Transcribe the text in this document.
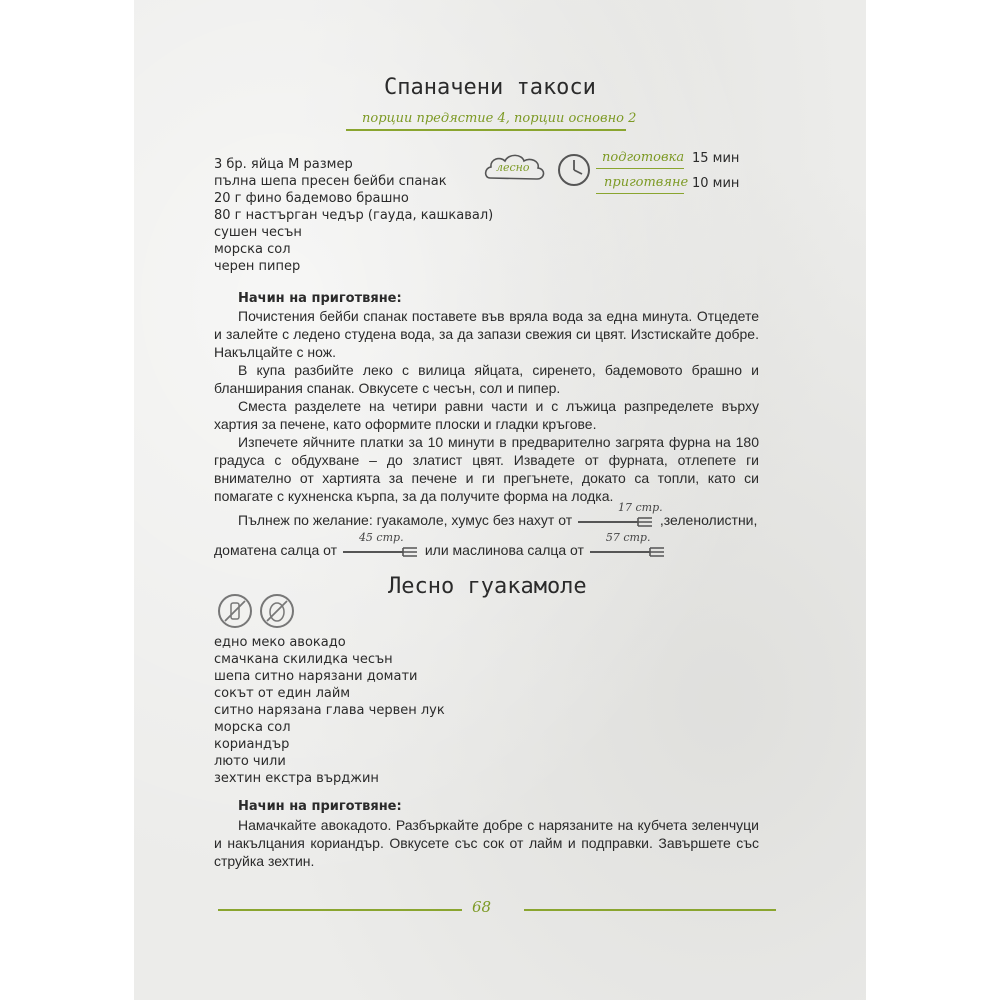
Спаначени такоси
порции предястие 4, порции основно 2
лесно
подготовка 15 мин
приготвяне 10 мин
3 бр. яйца М размер
пълна шепа пресен бейби спанак
20 г фино бадемово брашно
80 г настърган чедър (гауда, кашкавал)
сушен чесън
морска сол
черен пипер
Начин на приготвяне:

Почистения бейби спанак поставете във вряла вода за една минута. Отцедете и залейте с ледено студена вода, за да запази свежия си цвят. Изстискайте добре. Накълцайте с нож.

В купа разбийте леко с вилица яйцата, сиренето, бадемовото брашно и бланширания спанак. Овкусете с чесън, сол и пипер.

Сместа разделете на четири равни части и с лъжица разпределете върху хартия за печене, като оформите плоски и гладки кръгове.

Изпечете яйчните платки за 10 минути в предварително загрята фурна на 180 градуса с обдухване – до златист цвят. Извадете от фурната, отлепете ги внимателно от хартията за печене и ги прегънете, докато са топли, като си помагате с кухненска кърпа, за да получите форма на лодка.

Пълнеж по желание: гуакамоле, хумус без нахут от
17 стр.
,зеленолистни,

доматена салца от
45 стр.
или маслинова салца от
57 стр.

Лесно гуакамоле
едно меко авокадо
смачкана скилидка чесън
шепа ситно нарязани домати
сокът от един лайм
ситно нарязана глава червен лук
морска сол
кориандър
люто чили
зехтин екстра върджин
Начин на приготвяне:

Намачкайте авокадото. Разбъркайте добре с нарязаните на кубчета зеленчуци и накълцания кориандър. Овкусете със сок от лайм и подправки. Завършете със струйка зехтин.

68
